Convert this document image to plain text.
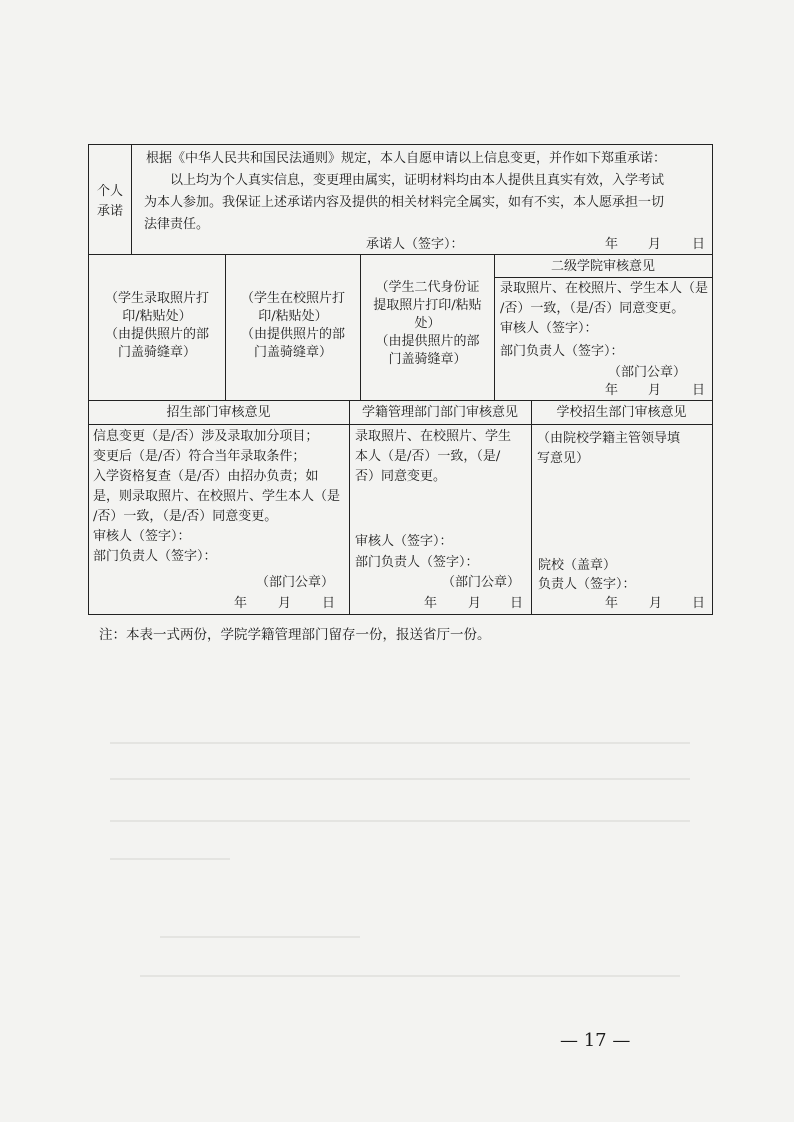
个人承诺
根据《中华人民共和国民法通则》规定，本人自愿申请以上信息变更，并作如下郑重承诺：
以上均为个人真实信息，变更理由属实，证明材料均由本人提供且真实有效，入学考试
为本人参加。我保证上述承诺内容及提供的相关材料完全属实，如有不实，本人愿承担一切
法律责任。
承诺人（签字）：	年 月 日
（学生录取照片打
印/粘贴处）
（由提供照片的部
门盖骑缝章）
（学生在校照片打
印/粘贴处）
（由提供照片的部
门盖骑缝章）
（学生二代身份证
提取照片打印/粘贴
处）
（由提供照片的部
门盖骑缝章）
二级学院审核意见
录取照片、在校照片、学生本人（是
/否）一致，（是/否）同意变更。
审核人（签字）：
部门负责人（签字）：
（部门公章）
年 月 日
招生部门审核意见
信息变更（是/否）涉及录取加分项目；
变更后（是/否）符合当年录取条件；
入学资格复查（是/否）由招办负责；如
是，则录取照片、在校照片、学生本人（是
/否）一致，（是/否）同意变更。
审核人（签字）：
部门负责人（签字）：
（部门公章）
年 月 日
学籍管理部门部门审核意见
录取照片、在校照片、学生
本人（是/否）一致，（是/
否）同意变更。
审核人（签字）：
部门负责人（签字）：
（部门公章）
年 月 日
学校招生部门审核意见
（由院校学籍主管领导填
写意见）
院校（盖章）
负责人（签字）：
年 月 日
注：本表一式两份，学院学籍管理部门留存一份，报送省厅一份。
— 17 —
